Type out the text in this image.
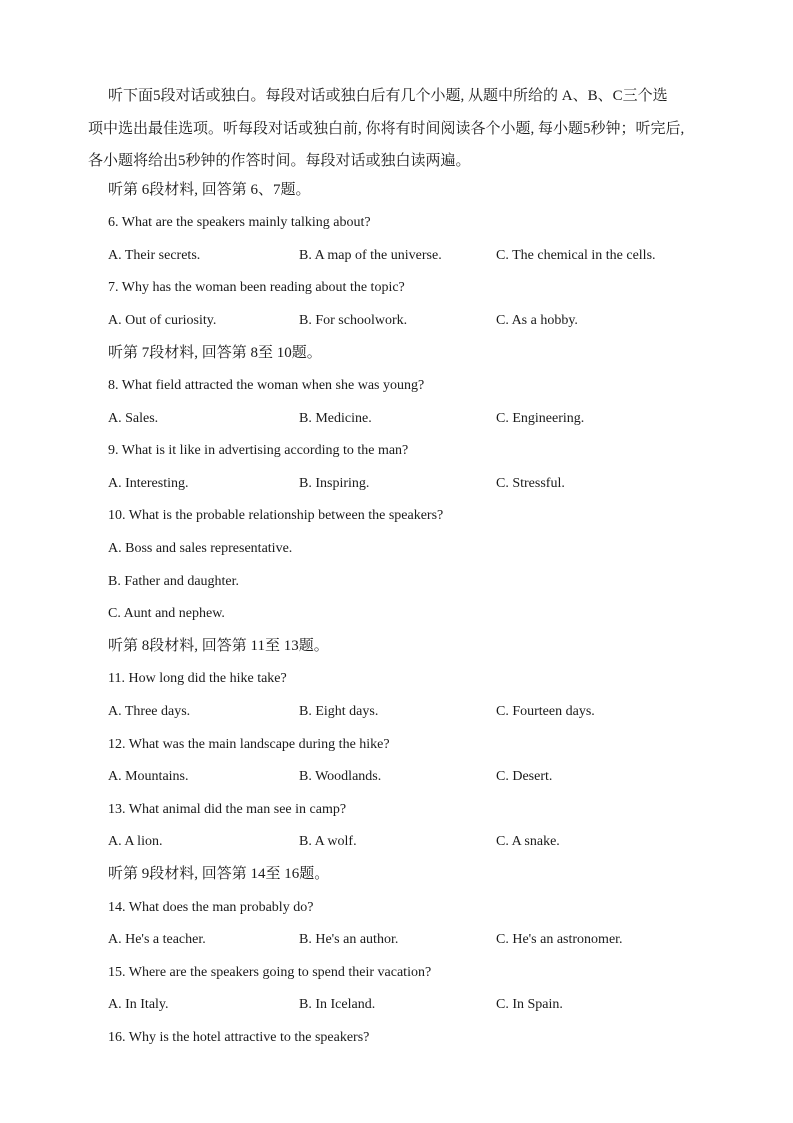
听下面5段对话或独白。每段对话或独白后有几个小题, 从题中所给的 A、B、C三个选

项中选出最佳选项。听每段对话或独白前, 你将有时间阅读各个小题, 每小题5秒钟；听完后,

各小题将给出5秒钟的作答时间。每段对话或独白读两遍。

听第 6段材料, 回答第 6、7题。
6. What are the speakers mainly talking about?
A. Their secrets.	B. A map of the universe.	C. The chemical in the cells.
7. Why has the woman been reading about the topic?
A. Out of curiosity.	B. For schoolwork.	C. As a hobby.
听第 7段材料, 回答第 8至 10题。
8. What field attracted the woman when she was young?
A. Sales.	B. Medicine.	C. Engineering.
9. What is it like in advertising according to the man?
A. Interesting.	B. Inspiring.	C. Stressful.
10. What is the probable relationship between the speakers?
A. Boss and sales representative.
B. Father and daughter.
C. Aunt and nephew.
听第 8段材料, 回答第 11至 13题。
11. How long did the hike take?
A. Three days.	B. Eight days.	C. Fourteen days.
12. What was the main landscape during the hike?
A. Mountains.	B. Woodlands.	C. Desert.
13. What animal did the man see in camp?
A. A lion.	B. A wolf.	C. A snake.
听第 9段材料, 回答第 14至 16题。
14. What does the man probably do?
A. He's a teacher.	B. He's an author.	C. He's an astronomer.
15. Where are the speakers going to spend their vacation?
A. In Italy.	B. In Iceland.	C. In Spain.
16. Why is the hotel attractive to the speakers?
